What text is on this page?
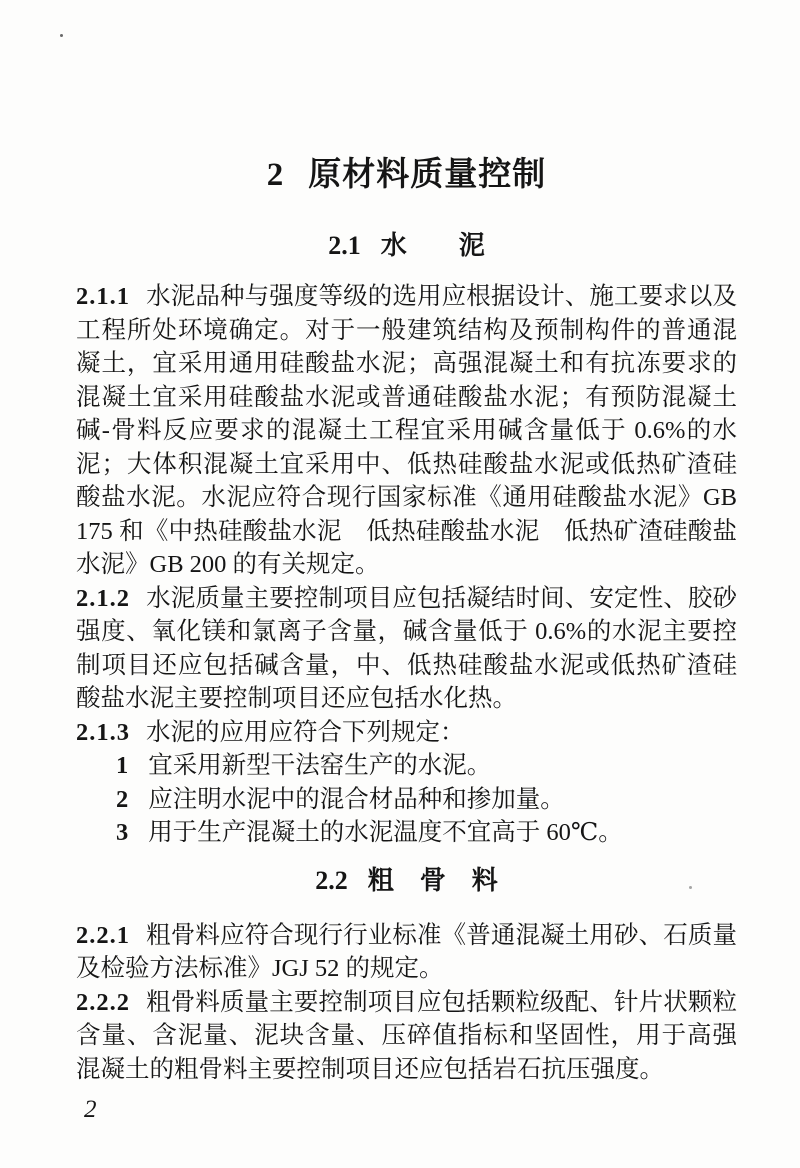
2 原材料质量控制
2.1 水　　泥

2.1.1 水泥品种与强度等级的选用应根据设计、施工要求以及工程所处环境确定。对于一般建筑结构及预制构件的普通混凝土，宜采用通用硅酸盐水泥；高强混凝土和有抗冻要求的混凝土宜采用硅酸盐水泥或普通硅酸盐水泥；有预防混凝土碱-骨料反应要求的混凝土工程宜采用碱含量低于 0.6%的水泥；大体积混凝土宜采用中、低热硅酸盐水泥或低热矿渣硅酸盐水泥。水泥应符合现行国家标准《通用硅酸盐水泥》GB 175 和《中热硅酸盐水泥　低热硅酸盐水泥　低热矿渣硅酸盐水泥》GB 200 的有关规定。

2.1.2 水泥质量主要控制项目应包括凝结时间、安定性、胶砂强度、氧化镁和氯离子含量，碱含量低于 0.6%的水泥主要控制项目还应包括碱含量，中、低热硅酸盐水泥或低热矿渣硅酸盐水泥主要控制项目还应包括水化热。

2.1.3 水泥的应用应符合下列规定：

1 宜采用新型干法窑生产的水泥。

2 应注明水泥中的混合材品种和掺加量。

3 用于生产混凝土的水泥温度不宜高于 60℃。

2.2 粗　骨　料

2.2.1 粗骨料应符合现行行业标准《普通混凝土用砂、石质量及检验方法标准》JGJ 52 的规定。

2.2.2 粗骨料质量主要控制项目应包括颗粒级配、针片状颗粒含量、含泥量、泥块含量、压碎值指标和坚固性，用于高强混凝土的粗骨料主要控制项目还应包括岩石抗压强度。

2
